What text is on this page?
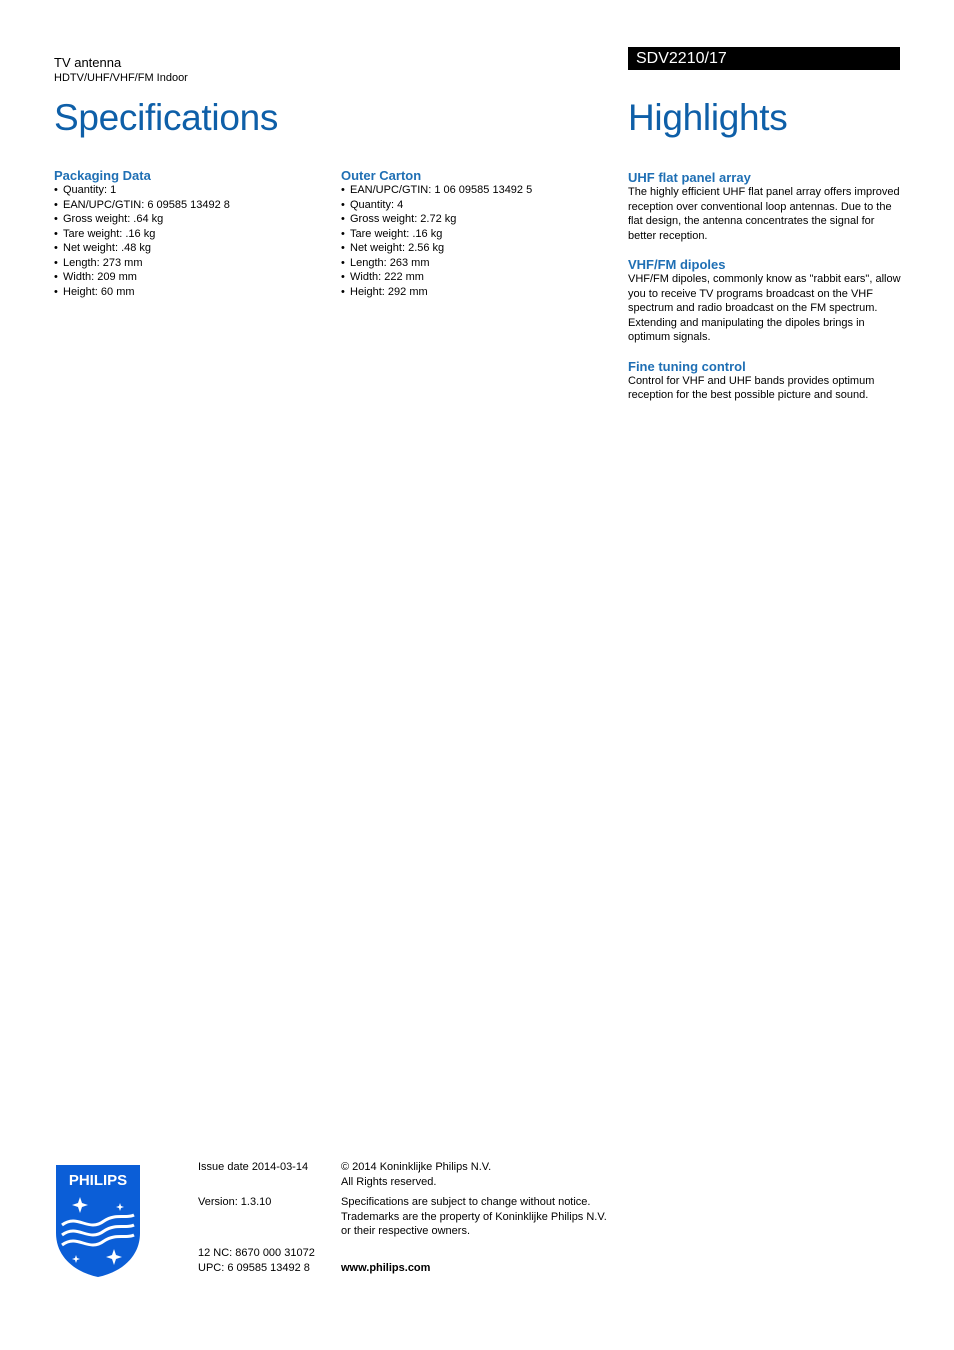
TV antenna
HDTV/UHF/VHF/FM Indoor
SDV2210/17
Specifications	Highlights

Packaging Data

• Quantity: 1
• EAN/UPC/GTIN: 6 09585 13492 8
• Gross weight: .64 kg
• Tare weight: .16 kg
• Net weight: .48 kg
• Length: 273 mm
• Width: 209 mm
• Height: 60 mm

Outer Carton

• EAN/UPC/GTIN: 1 06 09585 13492 5
• Quantity: 4
• Gross weight: 2.72 kg
• Tare weight: .16 kg
• Net weight: 2.56 kg
• Length: 263 mm
• Width: 222 mm
• Height: 292 mm

UHF flat panel array

The highly efficient UHF flat panel array offers improved reception over conventional loop antennas. Due to the flat design, the antenna concentrates the signal for better reception.

VHF/FM dipoles

VHF/FM dipoles, commonly know as "rabbit ears", allow you to receive TV programs broadcast on the VHF spectrum and radio broadcast on the FM spectrum. Extending and manipulating the dipoles brings in optimum signals.

Fine tuning control

Control for VHF and UHF bands provides optimum reception for the best possible picture and sound.

PHILIPS
Issue date 2014-03-14
Version: 1.3.10
12 NC: 8670 000 31072
UPC: 6 09585 13492 8
© 2014 Koninklijke Philips N.V.
All Rights reserved.
Specifications are subject to change without notice.
Trademarks are the property of Koninklijke Philips N.V.
or their respective owners.
www.philips.com
